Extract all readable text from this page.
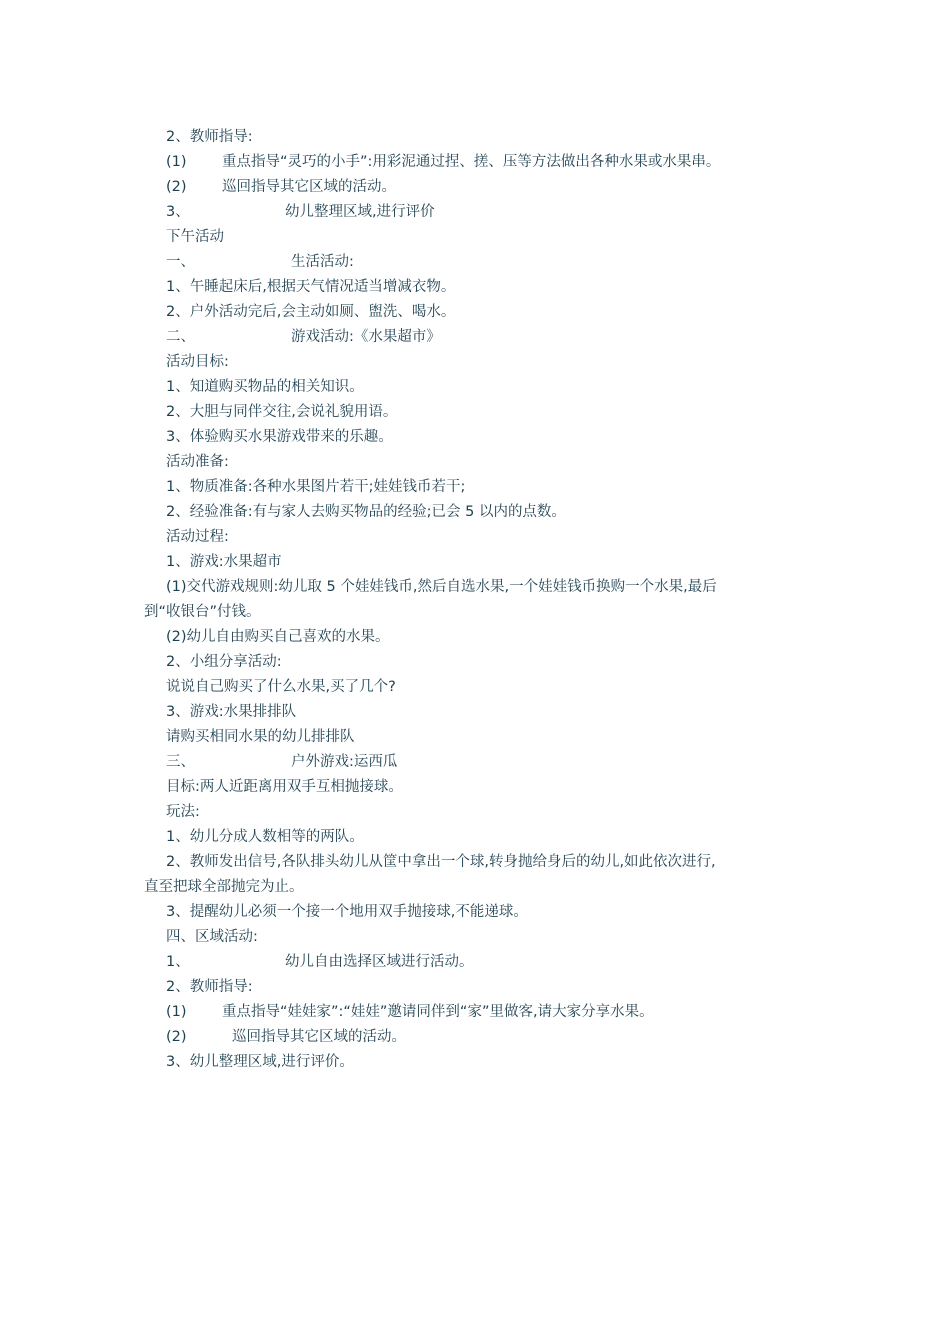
2、教师指导:
(1) 重点指导“灵巧的小手”:用彩泥通过捏、搓、压等方法做出各种水果或水果串。
(2) 巡回指导其它区域的活动。
3、	幼儿整理区域,进行评价
下午活动
一、	生活活动:
1、午睡起床后,根据天气情况适当增减衣物。
2、户外活动完后,会主动如厕、盥洗、喝水。
二、	游戏活动:《水果超市》
活动目标:
1、知道购买物品的相关知识。
2、大胆与同伴交往,会说礼貌用语。
3、体验购买水果游戏带来的乐趣。
活动准备:
1、物质准备:各种水果图片若干;娃娃钱币若干;
2、经验准备:有与家人去购买物品的经验;已会 5 以内的点数。
活动过程:
1、游戏:水果超市
(1)交代游戏规则:幼儿取 5 个娃娃钱币,然后自选水果,一个娃娃钱币换购一个水果,最后
到“收银台”付钱。
(2)幼儿自由购买自己喜欢的水果。
2、小组分享活动:
说说自己购买了什么水果,买了几个?
3、游戏:水果排排队
请购买相同水果的幼儿排排队
三、	户外游戏:运西瓜
目标:两人近距离用双手互相抛接球。
玩法:
1、幼儿分成人数相等的两队。
2、教师发出信号,各队排头幼儿从筐中拿出一个球,转身抛给身后的幼儿,如此依次进行,
直至把球全部抛完为止。
3、提醒幼儿必须一个接一个地用双手抛接球,不能递球。
四、区域活动:
1、	幼儿自由选择区域进行活动。
2、教师指导:
(1) 重点指导“娃娃家”:“娃娃”邀请同伴到“家”里做客,请大家分享水果。
(2)	巡回指导其它区域的活动。
3、幼儿整理区域,进行评价。
